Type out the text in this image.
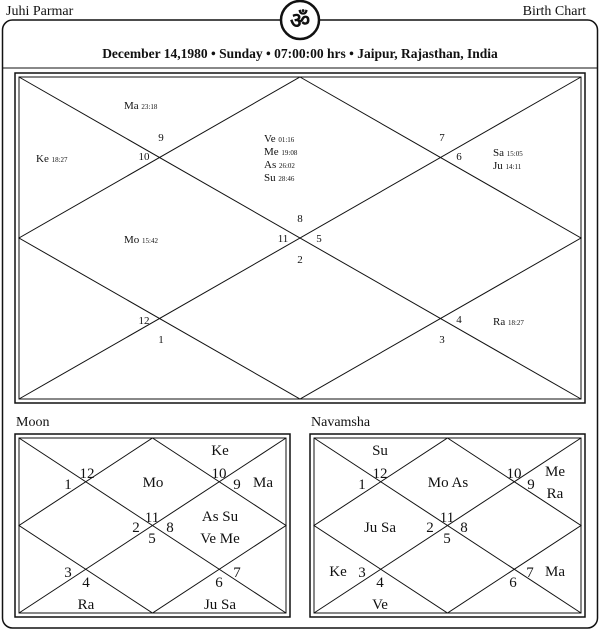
Juhi Parmar	Birth Chart
ॐ
December 14,1980 • Sunday • 07:00:00 hrs • Jaipur, Rajasthan, India
9
10
8
7
6
11	5
2
12
1
4
3
Ma 23:18
Ke 18:27
Ve 01:16
Me 19:08
As 26:02
Su 28:46
Sa 15:05
Ju 14:11
Mo 15:42
Ra 18:27
Moon	Navamsha
12
1
10
9
11
2 8
5
3
4
7
6
Ke
Mo	Ma
As Su
Ve Me
Ra	Ju Sa
12
1
10
9
11
2 8
5
3
4
7
6
Su
Mo As
Me
Ra
Ju Sa
Ke	Ma
Ve
